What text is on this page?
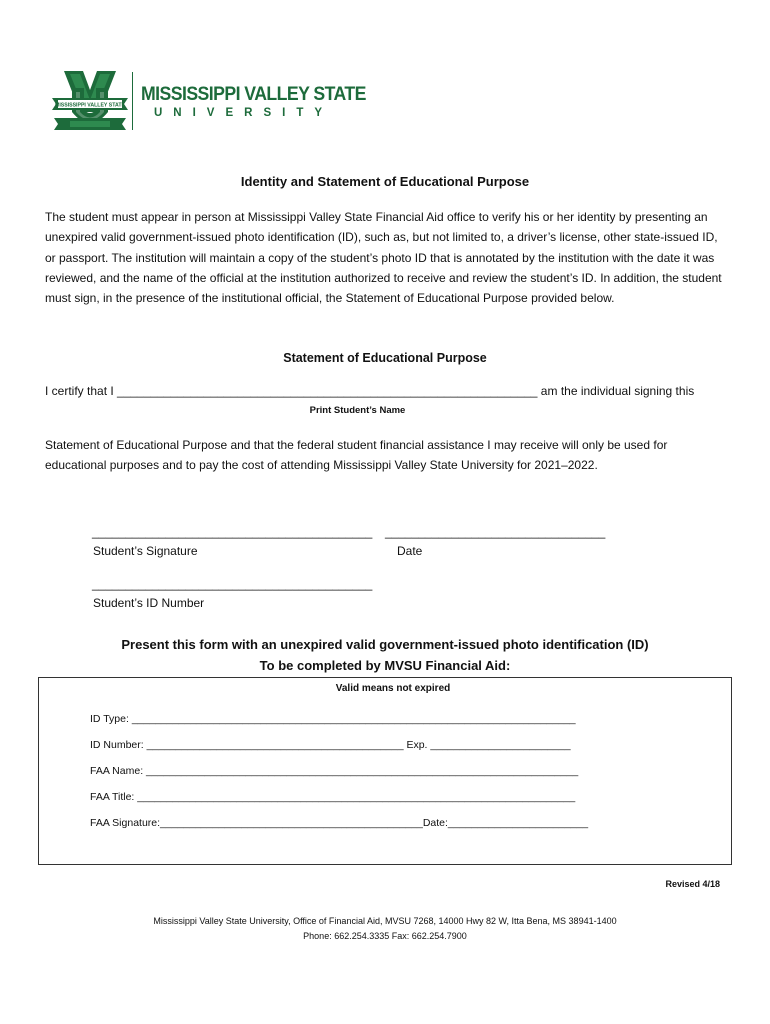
MISSISSIPPI VALLEY STATE
MISSISSIPPI VALLEY STATE
UNIVERSITY
Identity and Statement of Educational Purpose
The student must appear in person at Mississippi Valley State Financial Aid office to verify his or her identity by presenting an unexpired valid government-issued photo identification (ID), such as, but not limited to, a driver’s license, other state-issued ID, or passport. The institution will maintain a copy of the student’s photo ID that is annotated by the institution with the date it was reviewed, and the name of the official at the institution authorized to receive and review the student’s ID. In addition, the student must sign, in the presence of the institutional official, the Statement of Educational Purpose provided below.
Statement of Educational Purpose
I certify that I _______________________________________________________________ am the individual signing this
Print Student’s Name
Statement of Educational Purpose and that the federal student financial assistance I may receive will only be used for educational purposes and to pay the cost of attending Mississippi Valley State University for 2021–2022.
__________________________________________
Student’s Signature
_________________________________
Date
__________________________________________
Student’s ID Number
Present this form with an unexpired valid government-issued photo identification (ID)
To be completed by MVSU Financial Aid:
Valid means not expired
ID Type: ____________________________________________________________________________
ID Number: ____________________________________________ Exp. ________________________
FAA Name: __________________________________________________________________________
FAA Title: ___________________________________________________________________________
FAA Signature:_____________________________________________Date:________________________
Revised 4/18
Mississippi Valley State University, Office of Financial Aid, MVSU 7268, 14000 Hwy 82 W, Itta Bena, MS 38941-1400
Phone: 662.254.3335 Fax: 662.254.7900
